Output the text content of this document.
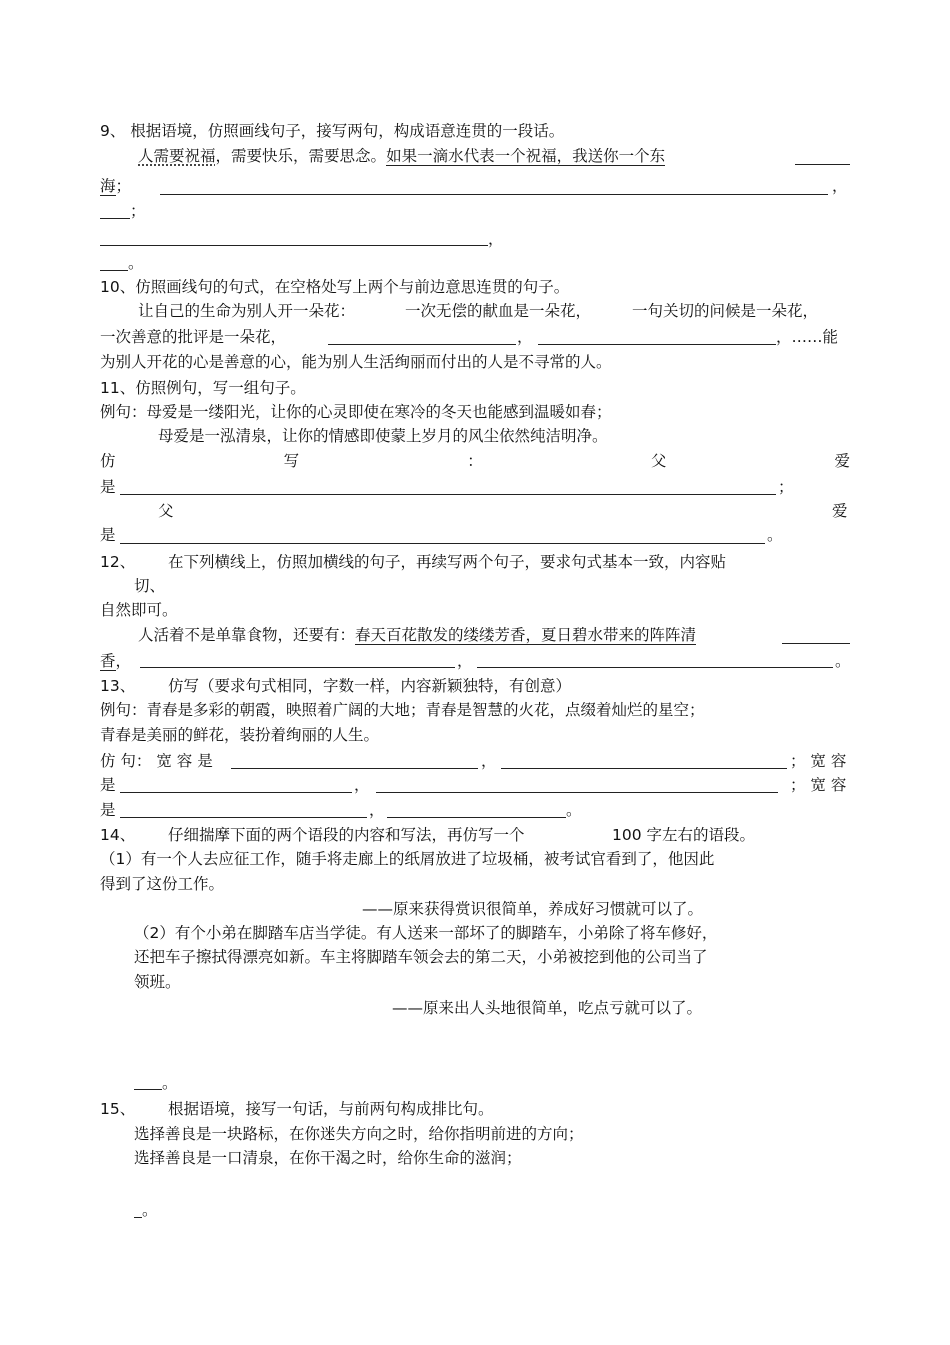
9、 根据语境，仿照画线句子，接写两句，构成语意连贯的一段话。
人需要祝福，需要快乐，需要思念。如果一滴水代表一个祝福，我送你一个东
海；	，
；
，
。
10、仿照画线句的句式，在空格处写上两个与前边意思连贯的句子。
让自己的生命为别人开一朵花：	一次无偿的献血是一朵花，	一句关切的问候是一朵花，
一次善意的批评是一朵花，	，	，……能
为别人开花的心是善意的心，能为别人生活绚丽而付出的人是不寻常的人。
11、仿照例句，写一组句子。
例句：母爱是一缕阳光，让你的心灵即使在寒冷的冬天也能感到温暖如春；
母爱是一泓清泉，让你的情感即使蒙上岁月的风尘依然纯洁明净。
仿	写	：	父	爱
是	；
父	爱
是	。
12、 在下列横线上，仿照加横线的句子，再续写两个句子，要求句式基本一致，内容贴
切、
自然即可。
人活着不是单靠食物，还要有：春天百花散发的缕缕芳香，夏日碧水带来的阵阵清
香，	，	。
13、 仿写（要求句式相同，字数一样，内容新颖独特，有创意）
例句：青春是多彩的朝霞，映照着广阔的大地；青春是智慧的火花，点缀着灿烂的星空；
青春是美丽的鲜花，装扮着绚丽的人生。
仿 句： 宽 容 是	，	； 宽 容
是	，	； 宽 容
是	，	。
14、 仔细揣摩下面的两个语段的内容和写法，再仿写一个	100 字左右的语段。
（1）有一个人去应征工作，随手将走廊上的纸屑放进了垃圾桶，被考试官看到了，他因此
得到了这份工作。
——原来获得赏识很简单，养成好习惯就可以了。
（2）有个小弟在脚踏车店当学徒。有人送来一部坏了的脚踏车，小弟除了将车修好，
还把车子擦拭得漂亮如新。车主将脚踏车领会去的第二天，小弟被挖到他的公司当了
领班。
——原来出人头地很简单，吃点亏就可以了。
。
15、 根据语境，接写一句话，与前两句构成排比句。
选择善良是一块路标，在你迷失方向之时，给你指明前进的方向；
选择善良是一口清泉，在你干渴之时，给你生命的滋润；
。
